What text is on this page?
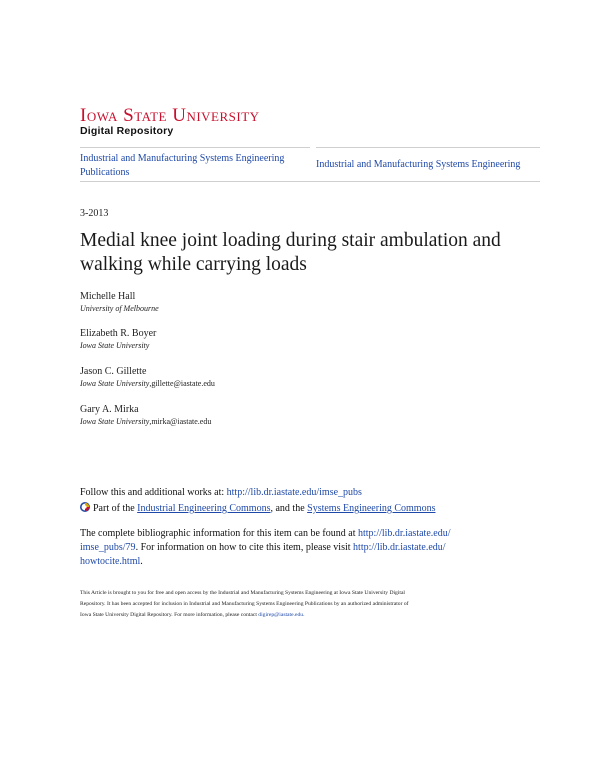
Iowa State University
Digital Repository
Industrial and Manufacturing Systems Engineering Publications
Industrial and Manufacturing Systems Engineering
3-2013
Medial knee joint loading during stair ambulation and walking while carrying loads
Michelle Hall
University of Melbourne
Elizabeth R. Boyer
Iowa State University
Jason C. Gillette
Iowa State University,gillette@iastate.edu
Gary A. Mirka
Iowa State University,mirka@iastate.edu
Follow this and additional works at: http://lib.dr.iastate.edu/imse_pubs
Part of the Industrial Engineering Commons, and the Systems Engineering Commons
The complete bibliographic information for this item can be found at http://lib.dr.iastate.edu/
imse_pubs/79. For information on how to cite this item, please visit http://lib.dr.iastate.edu/
howtocite.html.
This Article is brought to you for free and open access by the Industrial and Manufacturing Systems Engineering at Iowa State University Digital
Repository. It has been accepted for inclusion in Industrial and Manufacturing Systems Engineering Publications by an authorized administrator of
Iowa State University Digital Repository. For more information, please contact digirep@iastate.edu.
